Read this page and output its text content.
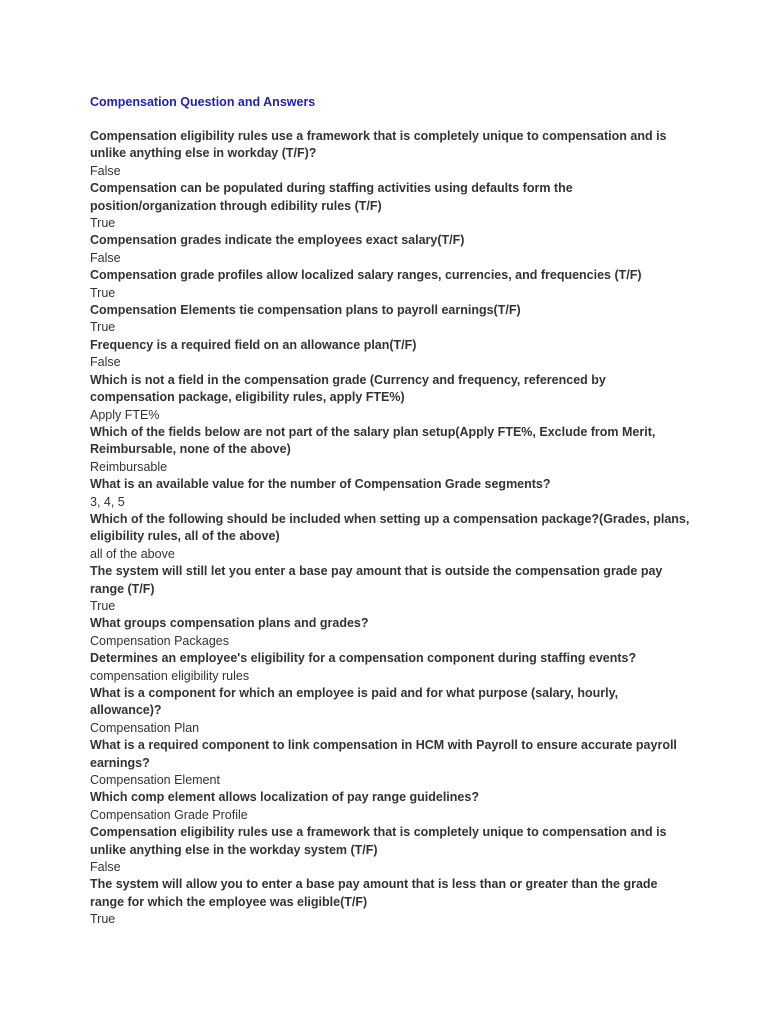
Compensation Question and Answers

Compensation eligibility rules use a framework that is completely unique to compensation and is unlike anything else in workday (T/F)?

False

Compensation can be populated during staffing activities using defaults form the position/organization through edibility rules (T/F)

True

Compensation grades indicate the employees exact salary(T/F)

False

Compensation grade profiles allow localized salary ranges, currencies, and frequencies (T/F)

True

Compensation Elements tie compensation plans to payroll earnings(T/F)

True

Frequency is a required field on an allowance plan(T/F)

False

Which is not a field in the compensation grade (Currency and frequency, referenced by compensation package, eligibility rules, apply FTE%)

Apply FTE%

Which of the fields below are not part of the salary plan setup(Apply FTE%, Exclude from Merit, Reimbursable, none of the above)

Reimbursable

What is an available value for the number of Compensation Grade segments?

3, 4, 5

Which of the following should be included when setting up a compensation package?(Grades, plans, eligibility rules, all of the above)

all of the above

The system will still let you enter a base pay amount that is outside the compensation grade pay range (T/F)

True

What groups compensation plans and grades?

Compensation Packages

Determines an employee's eligibility for a compensation component during staffing events?

compensation eligibility rules

What is a component for which an employee is paid and for what purpose (salary, hourly, allowance)?

Compensation Plan

What is a required component to link compensation in HCM with Payroll to ensure accurate payroll earnings?

Compensation Element

Which comp element allows localization of pay range guidelines?

Compensation Grade Profile

Compensation eligibility rules use a framework that is completely unique to compensation and is unlike anything else in the workday system (T/F)

False

The system will allow you to enter a base pay amount that is less than or greater than the grade range for which the employee was eligible(T/F)

True
